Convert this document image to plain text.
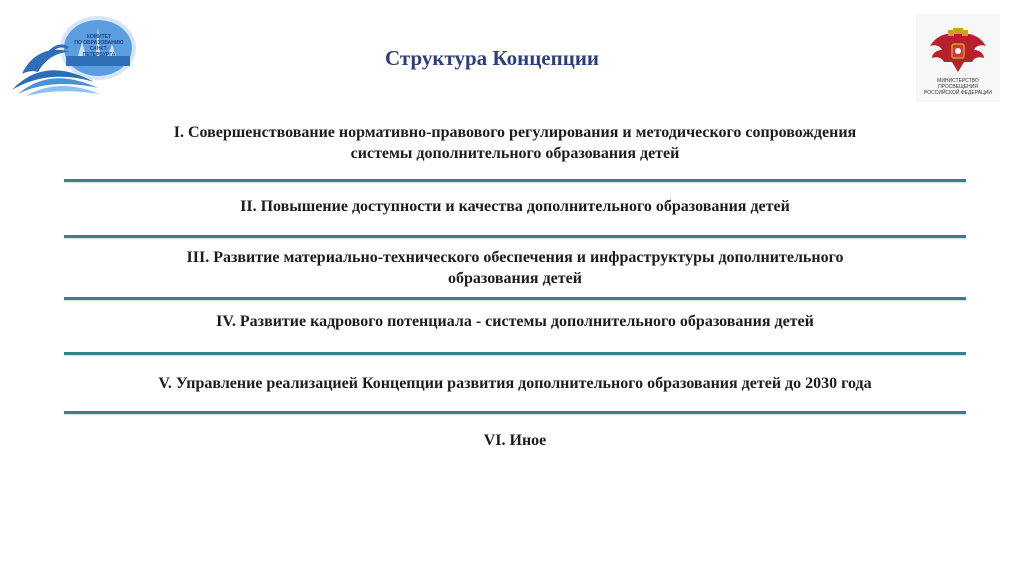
КОМИТЕТ
ПО ОБРАЗОВАНИЮ
САНКТ-ПЕТЕРБУРГА	Структура Концепции
МИНИСТЕРСТВО ПРОСВЕЩЕНИЯ
РОССИЙСКОЙ ФЕДЕРАЦИИ
I. Совершенствование нормативно-правового регулирования и методического сопровождения
системы дополнительного образования детей
II. Повышение доступности и качества дополнительного образования детей
III. Развитие материально-технического обеспечения и инфраструктуры дополнительного
образования детей
IV. Развитие кадрового потенциала - системы дополнительного образования детей
V. Управление реализацией Концепции развития дополнительного образования детей до 2030 года
VI. Иное
